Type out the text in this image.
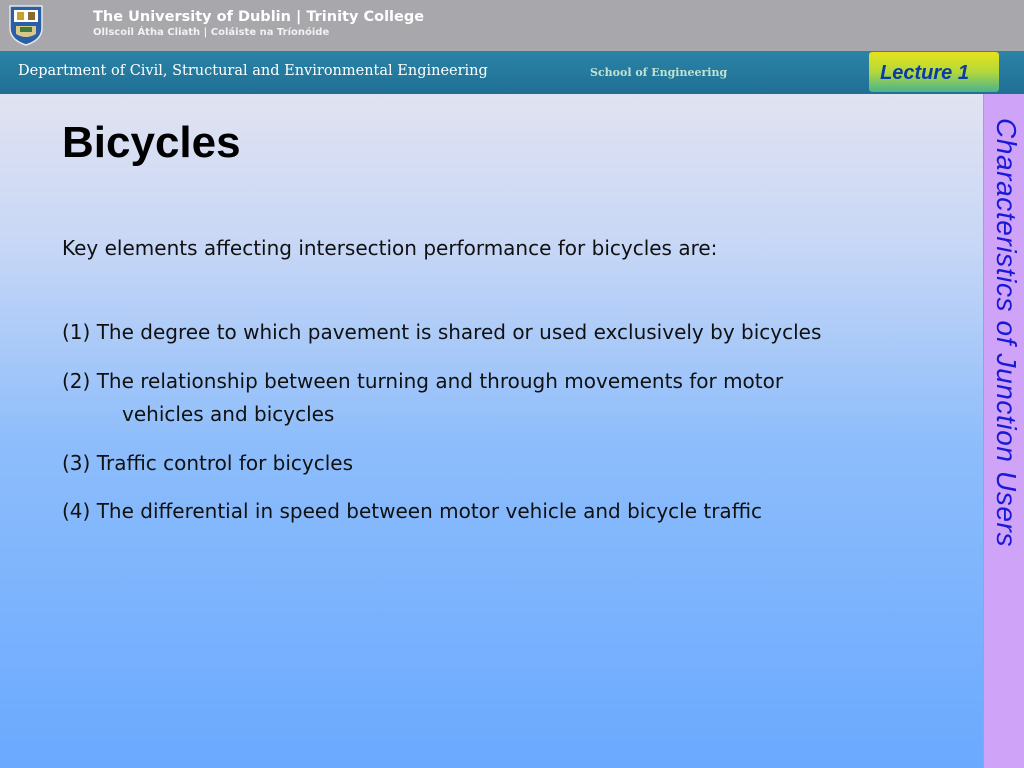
The University of Dublin | Trinity College
Ollscoil Átha Cliath | Coláiste na Tríonóide
Department of Civil, Structural and Environmental Engineering	School of Engineering	Lecture 1
Characteristics of Junction Users
Bicycles
Key elements affecting intersection performance for bicycles are:
(1) The degree to which pavement is shared or used exclusively by bicycles
(2) The relationship between turning and through movements for motor
vehicles and bicycles
(3) Traffic control for bicycles
(4) The differential in speed between motor vehicle and bicycle traffic
